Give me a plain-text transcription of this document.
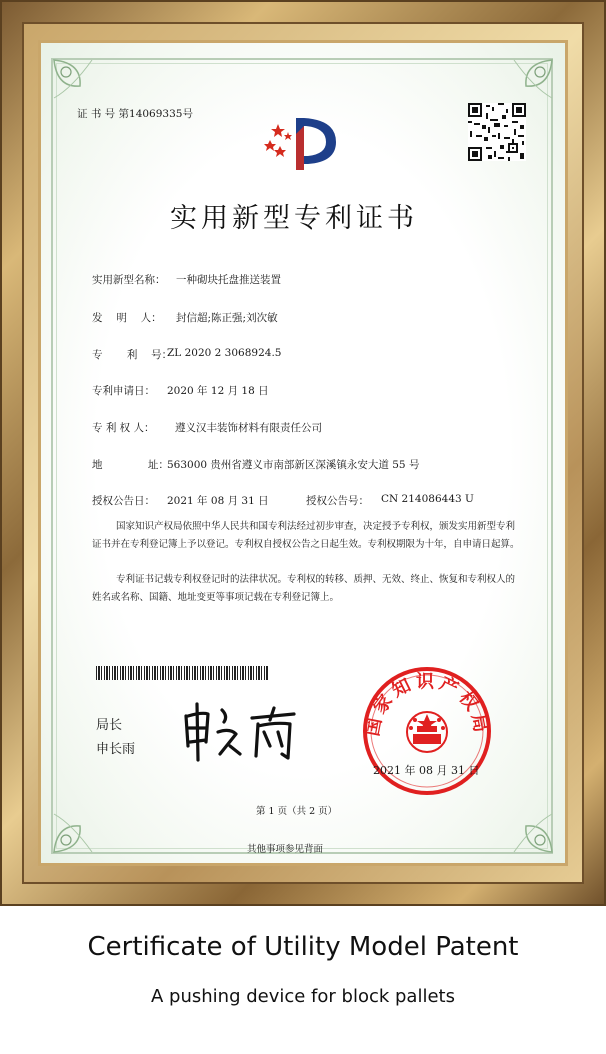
证 书 号 第14069335号
实用新型专利证书
实用新型名称： 一种砌块托盘推送装置
发　 明　 人： 封信超;陈正强;刘次敏
专　　 利　 号：
ZL 2020 2 3068924.5
专利申请日： 2020 年 12 月 18 日
专 利 权 人： 遵义汉丰装饰材料有限责任公司
地　　　　 址：
563000 贵州省遵义市南部新区深溪镇永安大道 55 号
授权公告日： 2021 年 08 月 31 日	授权公告号： CN 214086443 U
国家知识产权局依照中华人民共和国专利法经过初步审查，决定授予专利权，颁发实用新型专利证书并在专利登记簿上予以登记。专利权自授权公告之日起生效。专利权期限为十年，自申请日起算。
专利证书记载专利权登记时的法律状况。专利权的转移、质押、无效、终止、恢复和专利权人的姓名或名称、国籍、地址变更等事项记载在专利登记簿上。
局长
申长雨
国家知识产权局
2021 年 08 月 31 日
第 1 页（共 2 页）
其他事项参见背面
Certificate of Utility Model Patent
A pushing device for block pallets
